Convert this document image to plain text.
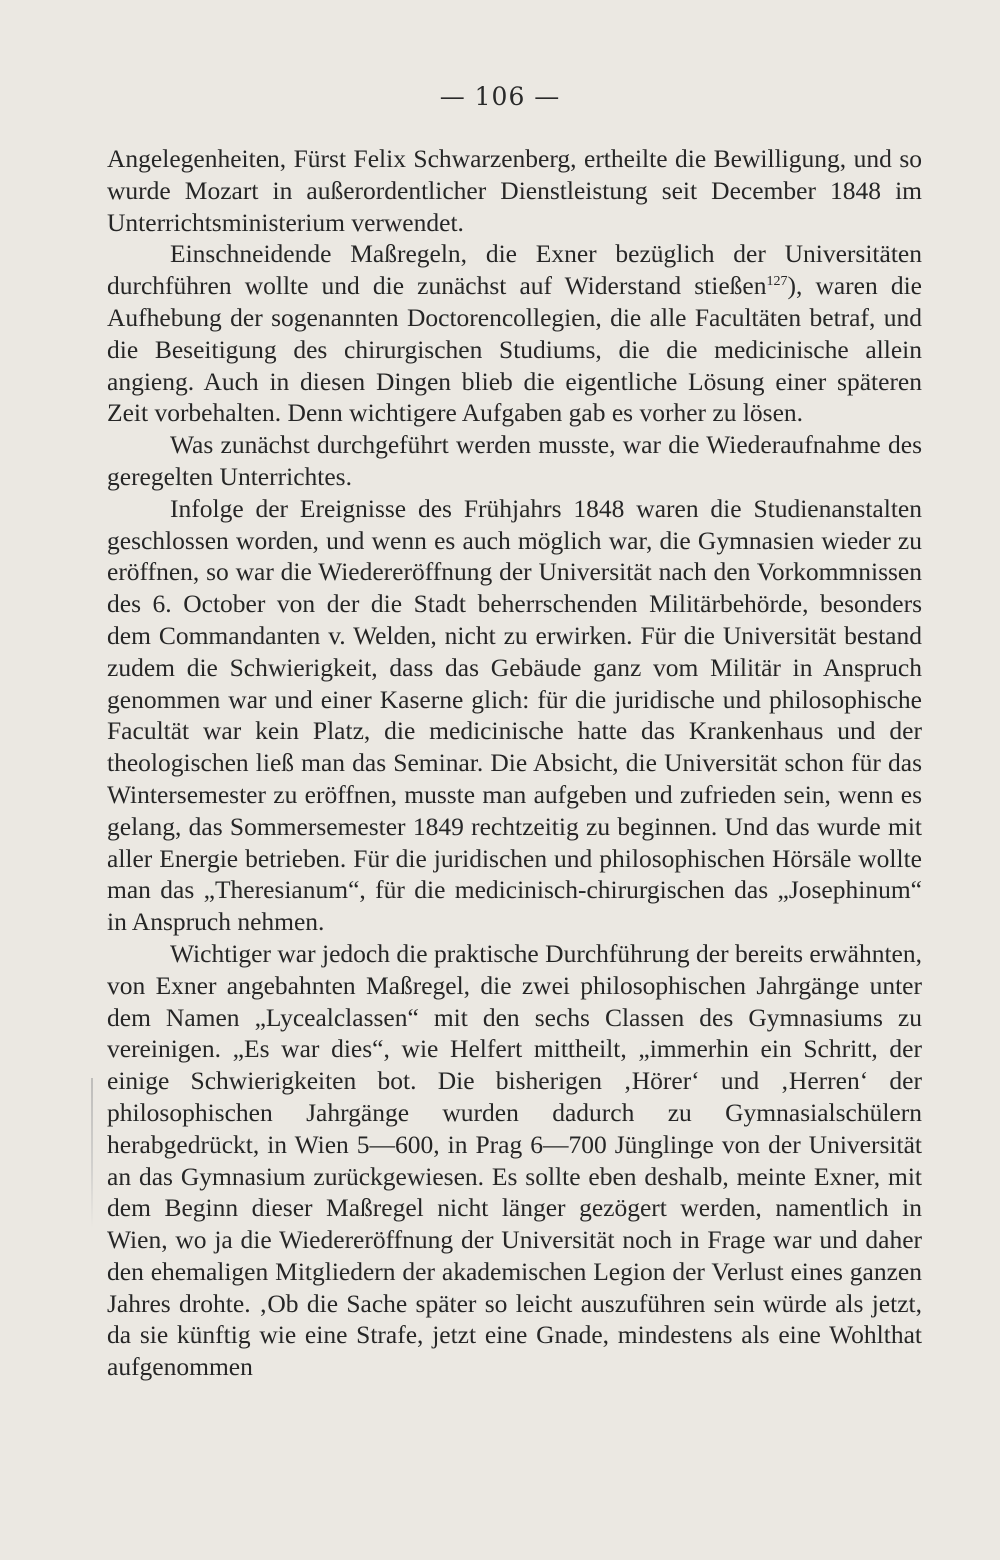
— 106 —

Angelegenheiten, Fürst Felix Schwarzenberg, ertheilte die Bewilligung, und so wurde Mozart in außerordentlicher Dienstleistung seit December 1848 im Unterrichtsministerium verwendet.

Einschneidende Maßregeln, die Exner bezüglich der Universitäten durchführen wollte und die zunächst auf Widerstand stießen$^{127}$), waren die Aufhebung der sogenannten Doctorencollegien, die alle Facultäten betraf, und die Beseitigung des chirurgischen Studiums, die die medicinische allein angieng. Auch in diesen Dingen blieb die eigentliche Lösung einer späteren Zeit vorbehalten. Denn wichtigere Aufgaben gab es vorher zu lösen.

Was zunächst durchgeführt werden musste, war die Wiederaufnahme des geregelten Unterrichtes.

Infolge der Ereignisse des Frühjahrs 1848 waren die Studienanstalten geschlossen worden, und wenn es auch möglich war, die Gymnasien wieder zu eröffnen, so war die Wiedereröffnung der Universität nach den Vorkommnissen des 6. October von der die Stadt beherrschenden Militärbehörde, besonders dem Commandanten v. Welden, nicht zu erwirken. Für die Universität bestand zudem die Schwierigkeit, dass das Gebäude ganz vom Militär in Anspruch genommen war und einer Kaserne glich: für die juridische und philosophische Facultät war kein Platz, die medicinische hatte das Krankenhaus und der theologischen ließ man das Seminar. Die Absicht, die Universität schon für das Wintersemester zu eröffnen, musste man aufgeben und zufrieden sein, wenn es gelang, das Sommersemester 1849 rechtzeitig zu beginnen. Und das wurde mit aller Energie betrieben. Für die juridischen und philosophischen Hörsäle wollte man das „Theresianum“, für die medicinisch-chirurgischen das „Josephinum“ in Anspruch nehmen.

Wichtiger war jedoch die praktische Durchführung der bereits erwähnten, von Exner angebahnten Maßregel, die zwei philosophischen Jahrgänge unter dem Namen „Lycealclassen“ mit den sechs Classen des Gymnasiums zu vereinigen. „Es war dies“, wie Helfert mittheilt, „immerhin ein Schritt, der einige Schwierigkeiten bot. Die bisherigen ‚Hörer‘ und ‚Herren‘ der philosophischen Jahrgänge wurden dadurch zu Gymnasialschülern herabgedrückt, in Wien 5—600, in Prag 6—700 Jünglinge von der Universität an das Gymnasium zurückgewiesen. Es sollte eben deshalb, meinte Exner, mit dem Beginn dieser Maßregel nicht länger gezögert werden, namentlich in Wien, wo ja die Wiedereröffnung der Universität noch in Frage war und daher den ehemaligen Mitgliedern der akademischen Legion der Verlust eines ganzen Jahres drohte. ‚Ob die Sache später so leicht auszuführen sein würde als jetzt, da sie künftig wie eine Strafe, jetzt eine Gnade, mindestens als eine Wohlthat aufgenommen
